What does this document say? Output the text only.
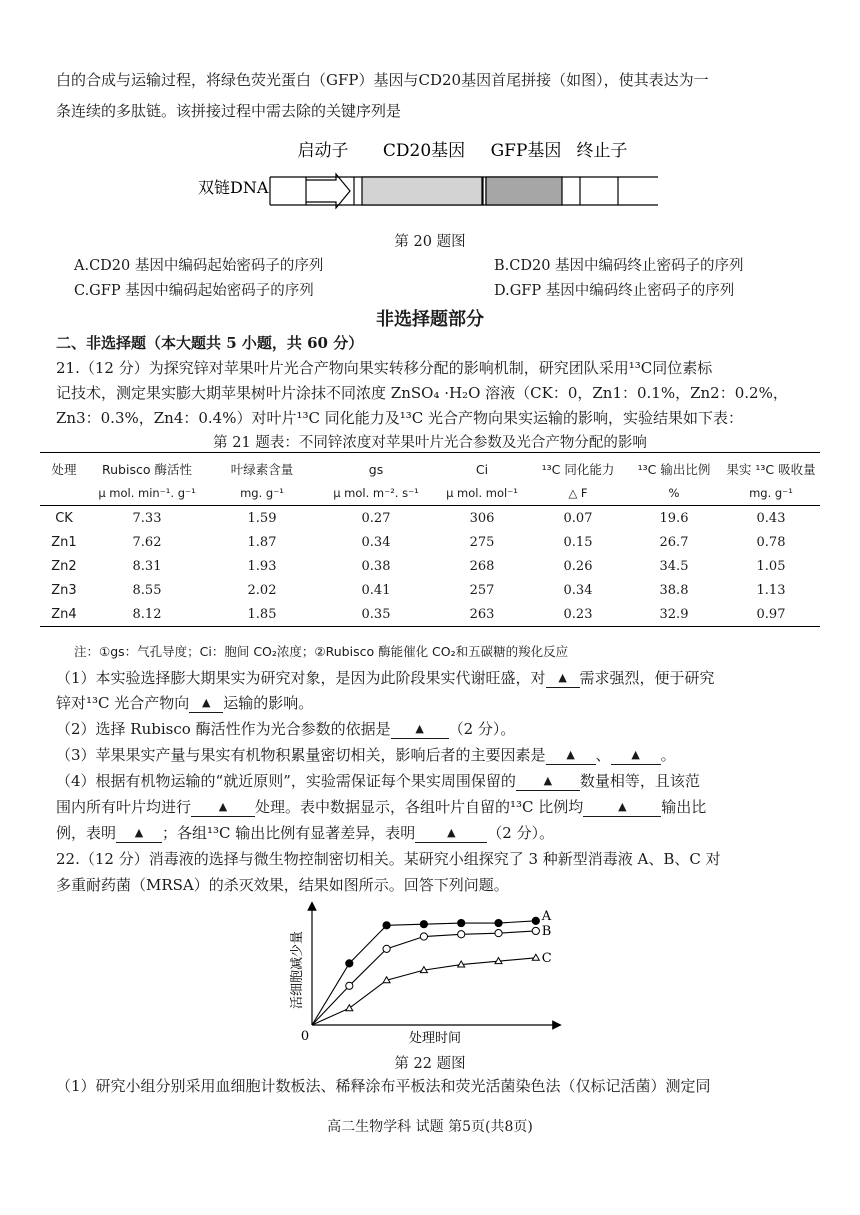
白的合成与运输过程，将绿色荧光蛋白（GFP）基因与CD20基因首尾拼接（如图），使其表达为一
条连续的多肽链。该拼接过程中需去除的关键序列是
启动子 CD20基因 GFP基因 终止子
双链DNA
第 20 题图
A.CD20 基因中编码起始密码子的序列	B.CD20 基因中编码终止密码子的序列
C.GFP 基因中编码起始密码子的序列	D.GFP 基因中编码终止密码子的序列
非选择题部分
二、非选择题（本大题共 5 小题，共 60 分）
21.（12 分）为探究锌对苹果叶片光合产物向果实转移分配的影响机制，研究团队采用¹³C同位素标
记技术，测定果实膨大期苹果树叶片涂抹不同浓度 ZnSO₄ ·H₂O 溶液（CK：0，Zn1：0.1%，Zn2：0.2%，
Zn3：0.3%，Zn4：0.4%）对叶片¹³C 同化能力及¹³C 光合产物向果实运输的影响，实验结果如下表：
第 21 题表：不同锌浓度对苹果叶片光合参数及光合产物分配的影响
处理	Rubisco 酶活性	叶绿素含量	gs	Ci	¹³C 同化能力	¹³C 输出比例	果实 ¹³C 吸收量
	μ mol. min⁻¹. g⁻¹	mg. g⁻¹	μ mol. m⁻². s⁻¹	μ mol. mol⁻¹	△ F	%	mg. g⁻¹
CK	7.33	1.59	0.27	306	0.07	19.6	0.43
Zn1	7.62	1.87	0.34	275	0.15	26.7	0.78
Zn2	8.31	1.93	0.38	268	0.26	34.5	1.05
Zn3	8.55	2.02	0.41	257	0.34	38.8	1.13
Zn4	8.12	1.85	0.35	263	0.23	32.9	0.97
注：①gs：气孔导度；Ci：胞间 CO₂浓度；②Rubisco 酶能催化 CO₂和五碳糖的羧化反应
（1）本实验选择膨大期果实为研究对象，是因为此阶段果实代谢旺盛，对 ▲ 需求强烈，便于研究
锌对¹³C 光合产物向 ▲ 运输的影响。
（2）选择 Rubisco 酶活性作为光合参数的依据是 ▲ （2 分）。
（3）苹果果实产量与果实有机物积累量密切相关，影响后者的主要因素是 ▲ 、 ▲ 。
（4）根据有机物运输的“就近原则”，实验需保证每个果实周围保留的	▲ 数量相等，且该范
围内所有叶片均进行	▲ 处理。表中数据显示，各组叶片自留的¹³C 比例均	▲ 输出比
例，表明 ▲ ；各组¹³C 输出比例有显著差异，表明	▲ （2 分）。
22.（12 分）消毒液的选择与微生物控制密切相关。某研究小组探究了 3 种新型消毒液 A、B、C 对
多重耐药菌（MRSA）的杀灭效果，结果如图所示。回答下列问题。
活细胞减少量
处理时间
0
A
B
C
第 22 题图
（1）研究小组分别采用血细胞计数板法、稀释涂布平板法和荧光活菌染色法（仅标记活菌）测定同
高二生物学科 试题 第5页(共8页)
